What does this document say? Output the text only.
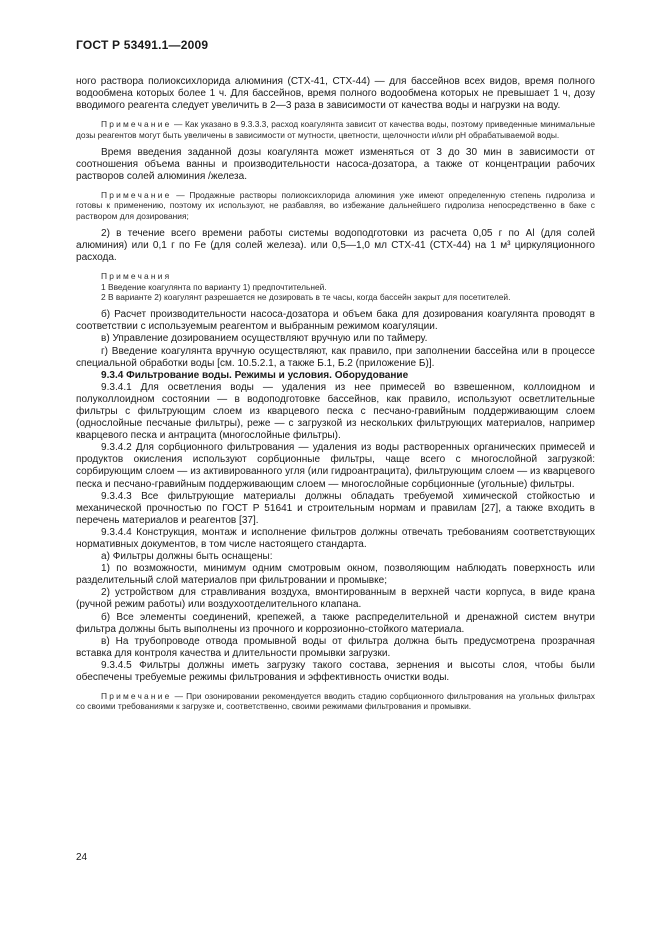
ГОСТ Р 53491.1—2009

ного раствора полиоксихлорида алюминия (СТХ-41, СТХ-44) — для бассейнов всех видов, время полного водообмена которых более 1 ч. Для бассейнов, время полного водообмена которых не превышает 1 ч, дозу вводимого реагента следует увеличить в 2—3 раза в зависимости от качества воды и нагрузки на воду.

Примечание — Как указано в 9.3.3.3, расход коагулянта зависит от качества воды, поэтому приведенные минимальные дозы реагентов могут быть увеличены в зависимости от мутности, цветности, щелочности и/или pH обрабатываемой воды.

Время введения заданной дозы коагулянта может изменяться от 3 до 30 мин в зависимости от соотношения объема ванны и производительности насоса-дозатора, а также от концентрации рабочих растворов солей алюминия /железа.

Примечание — Продажные растворы полиоксихлорида алюминия уже имеют определенную степень гидролиза и готовы к применению, поэтому их используют, не разбавляя, во избежание дальнейшего гидролиза непосредственно в баке с раствором для дозирования;

2) в течение всего времени работы системы водоподготовки из расчета 0,05 г по Al (для солей алюминия) или 0,1 г по Fe (для солей железа). или 0,5—1,0 мл СТХ-41 (СТХ-44) на 1 м³ циркуляционного расхода.

Примечания

1 Введение коагулянта по варианту 1) предпочтительней.

2 В варианте 2) коагулянт разрешается не дозировать в те часы, когда бассейн закрыт для посетителей.

б) Расчет производительности насоса-дозатора и объем бака для дозирования коагулянта проводят в соответствии с используемым реагентом и выбранным режимом коагуляции.

в) Управление дозированием осуществляют вручную или по таймеру.

г) Введение коагулянта вручную осуществляют, как правило, при заполнении бассейна или в процессе специальной обработки воды [см. 10.5.2.1, а также Б.1, Б.2 (приложение Б)].

9.3.4 Фильтрование воды. Режимы и условия. Оборудование

9.3.4.1 Для осветления воды — удаления из нее примесей во взвешенном, коллоидном и полуколлоидном состоянии — в водоподготовке бассейнов, как правило, используют осветлительные фильтры с фильтрующим слоем из кварцевого песка с песчано-гравийным поддерживающим слоем (однослойные песчаные фильтры), реже — с загрузкой из нескольких фильтрующих материалов, например кварцевого песка и антрацита (многослойные фильтры).

9.3.4.2 Для сорбционного фильтрования — удаления из воды растворенных органических примесей и продуктов окисления используют сорбционные фильтры, чаще всего с многослойной загрузкой: сорбирующим слоем — из активированного угля (или гидроантрацита), фильтрующим слоем — из кварцевого песка и песчано-гравийным поддерживающим слоем — многослойные сорбционные (угольные) фильтры.

9.3.4.3 Все фильтрующие материалы должны обладать требуемой химической стойкостью и механической прочностью по ГОСТ Р 51641 и строительным нормам и правилам [27], а также входить в перечень материалов и реагентов [37].

9.3.4.4 Конструкция, монтаж и исполнение фильтров должны отвечать требованиям соответствующих нормативных документов, в том числе настоящего стандарта.

а) Фильтры должны быть оснащены:

1) по возможности, минимум одним смотровым окном, позволяющим наблюдать поверхность или разделительный слой материалов при фильтровании и промывке;

2) устройством для стравливания воздуха, вмонтированным в верхней части корпуса, в виде крана (ручной режим работы) или воздухоотделительного клапана.

б) Все элементы соединений, крепежей, а также распределительной и дренажной систем внутри фильтра должны быть выполнены из прочного и коррозионно-стойкого материала.

в) На трубопроводе отвода промывной воды от фильтра должна быть предусмотрена прозрачная вставка для контроля качества и длительности промывки загрузки.

9.3.4.5 Фильтры должны иметь загрузку такого состава, зернения и высоты слоя, чтобы были обеспечены требуемые режимы фильтрования и эффективность очистки воды.

Примечание — При озонировании рекомендуется вводить стадию сорбционного фильтрования на угольных фильтрах со своими требованиями к загрузке и, соответственно, своими режимами фильтрования и промывки.

24
